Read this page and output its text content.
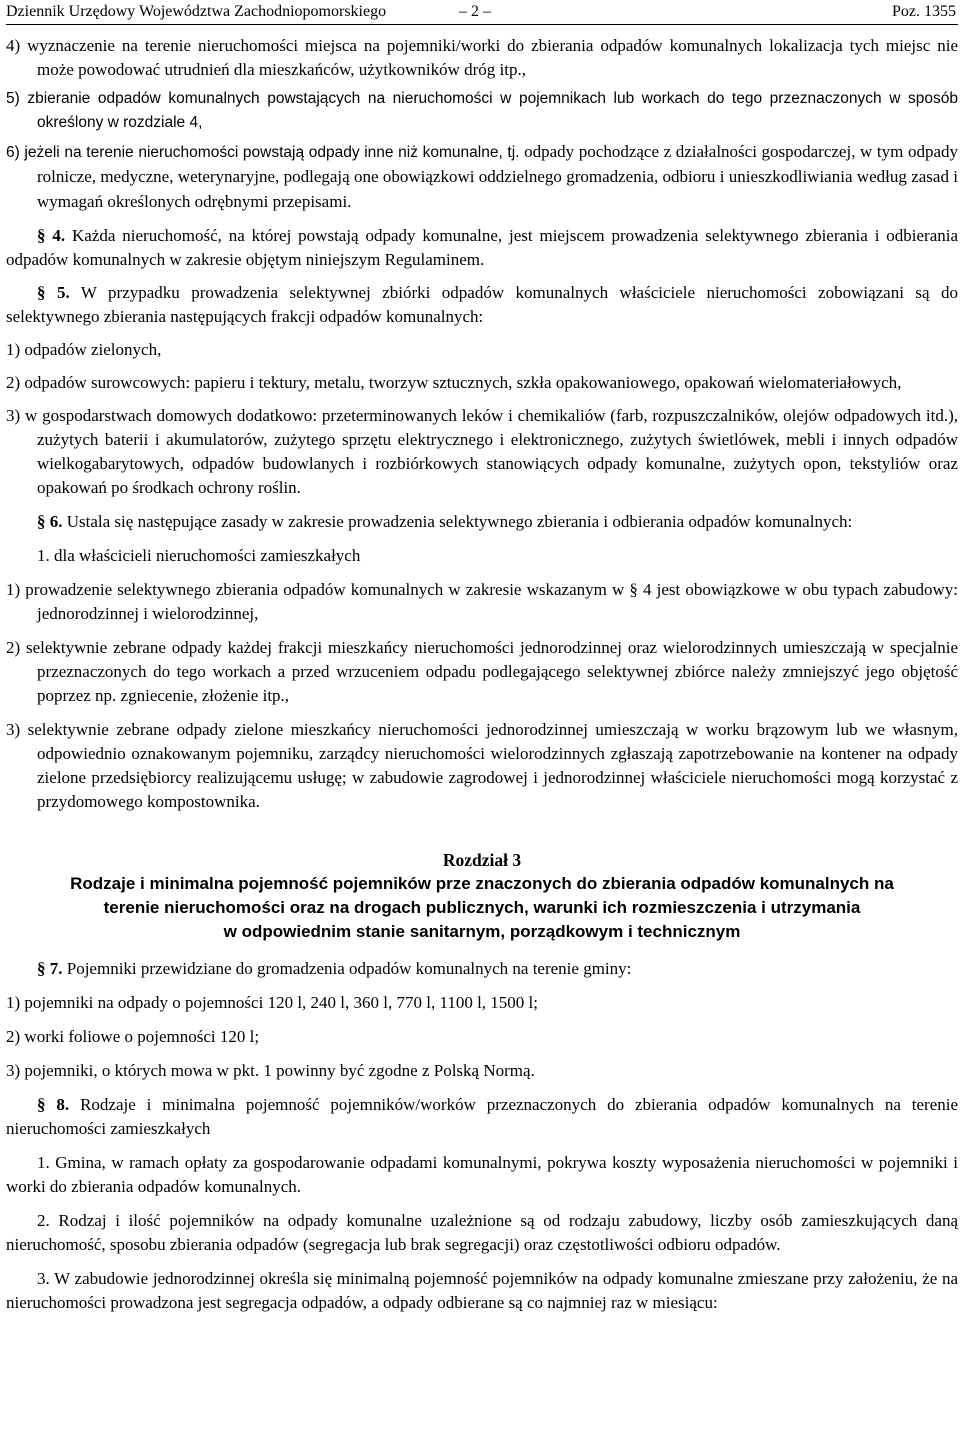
Dziennik Urzędowy Województwa Zachodniopomorskiego	– 2 –	Poz. 1355

4) wyznaczenie na terenie nieruchomości miejsca na pojemniki/worki do zbierania odpadów komunalnych lokalizacja tych miejsc nie może powodować utrudnień dla mieszkańców, użytkowników dróg itp.,

5) zbieranie odpadów komunalnych powstających na nieruchomości w pojemnikach lub workach do tego przeznaczonych w sposób określony w rozdziale 4,

6) jeżeli na terenie nieruchomości powstają odpady inne niż komunalne, tj. odpady pochodzące z działalności gospodarczej, w tym odpady rolnicze, medyczne, weterynaryjne, podlegają one obowiązkowi oddzielnego gromadzenia, odbioru i unieszkodliwiania według zasad i wymagań określonych odrębnymi przepisami.

§ 4. Każda nieruchomość, na której powstają odpady komunalne, jest miejscem prowadzenia selektywnego zbierania i odbierania odpadów komunalnych w zakresie objętym niniejszym Regulaminem.

§ 5. W przypadku prowadzenia selektywnej zbiórki odpadów komunalnych właściciele nieruchomości zobowiązani są do selektywnego zbierania następujących frakcji odpadów komunalnych:

1) odpadów zielonych,

2) odpadów surowcowych: papieru i tektury, metalu, tworzyw sztucznych, szkła opakowaniowego, opakowań wielomateriałowych,

3) w gospodarstwach domowych dodatkowo: przeterminowanych leków i chemikaliów (farb, rozpuszczalników, olejów odpadowych itd.), zużytych baterii i akumulatorów, zużytego sprzętu elektrycznego i elektronicznego, zużytych świetlówek, mebli i innych odpadów wielkogabarytowych, odpadów budowlanych i rozbiórkowych stanowiących odpady komunalne, zużytych opon, tekstyliów oraz opakowań po środkach ochrony roślin.

§ 6. Ustala się następujące zasady w zakresie prowadzenia selektywnego zbierania i odbierania odpadów komunalnych:

1. dla właścicieli nieruchomości zamieszkałych

1) prowadzenie selektywnego zbierania odpadów komunalnych w zakresie wskazanym w § 4 jest obowiązkowe w obu typach zabudowy: jednorodzinnej i wielorodzinnej,

2) selektywnie zebrane odpady każdej frakcji mieszkańcy nieruchomości jednorodzinnej oraz wielorodzinnych umieszczają w specjalnie przeznaczonych do tego workach a przed wrzuceniem odpadu podlegającego selektywnej zbiórce należy zmniejszyć jego objętość poprzez np. zgniecenie, złożenie itp.,

3) selektywnie zebrane odpady zielone mieszkańcy nieruchomości jednorodzinnej umieszczają w worku brązowym lub we własnym, odpowiednio oznakowanym pojemniku, zarządcy nieruchomości wielorodzinnych zgłaszają zapotrzebowanie na kontener na odpady zielone przedsiębiorcy realizującemu usługę; w zabudowie zagrodowej i jednorodzinnej właściciele nieruchomości mogą korzystać z przydomowego kompostownika.

Rozdział 3

Rodzaje i minimalna pojemność pojemników prze znaczonych do zbierania odpadów komunalnych na

terenie nieruchomości oraz na drogach publicznych, warunki ich rozmieszczenia i utrzymania

w odpowiednim stanie sanitarnym, porządkowym i technicznym

§ 7. Pojemniki przewidziane do gromadzenia odpadów komunalnych na terenie gminy:

1) pojemniki na odpady o pojemności 120 l, 240 l, 360 l, 770 l, 1100 l, 1500 l;

2) worki foliowe o pojemności 120 l;

3) pojemniki, o których mowa w pkt. 1 powinny być zgodne z Polską Normą.

§ 8. Rodzaje i minimalna pojemność pojemników/worków przeznaczonych do zbierania odpadów komunalnych na terenie nieruchomości zamieszkałych

1. Gmina, w ramach opłaty za gospodarowanie odpadami komunalnymi, pokrywa koszty wyposażenia nieruchomości w pojemniki i worki do zbierania odpadów komunalnych.

2. Rodzaj i ilość pojemników na odpady komunalne uzależnione są od rodzaju zabudowy, liczby osób zamieszkujących daną nieruchomość, sposobu zbierania odpadów (segregacja lub brak segregacji) oraz częstotliwości odbioru odpadów.

3. W zabudowie jednorodzinnej określa się minimalną pojemność pojemników na odpady komunalne zmieszane przy założeniu, że na nieruchomości prowadzona jest segregacja odpadów, a odpady odbierane są co najmniej raz w miesiącu:
